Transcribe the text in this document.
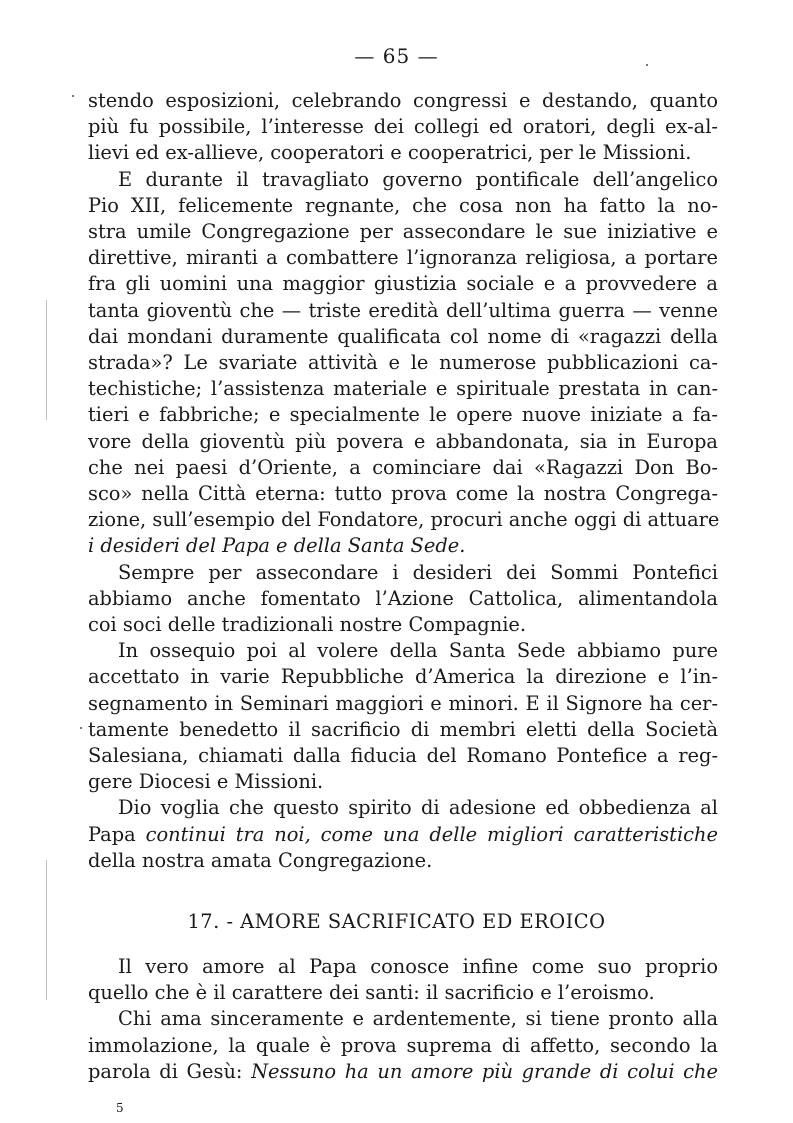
— 65 —
stendo esposizioni, celebrando congressi e destando, quanto
più fu possibile, l’interesse dei collegi ed oratori, degli ex-al-
lievi ed ex-allieve, cooperatori e cooperatrici, per le Missioni.
E durante il travagliato governo pontificale dell’angelico
Pio XII, felicemente regnante, che cosa non ha fatto la no-
stra umile Congregazione per assecondare le sue iniziative e
direttive, miranti a combattere l’ignoranza religiosa, a portare
fra gli uomini una maggior giustizia sociale e a provvedere a
tanta gioventù che — triste eredità dell’ultima guerra — venne
dai mondani duramente qualificata col nome di «ragazzi della
strada»? Le svariate attività e le numerose pubblicazioni ca-
techistiche; l’assistenza materiale e spirituale prestata in can-
tieri e fabbriche; e specialmente le opere nuove iniziate a fa-
vore della gioventù più povera e abbandonata, sia in Europa
che nei paesi d’Oriente, a cominciare dai «Ragazzi Don Bo-
sco» nella Città eterna: tutto prova come la nostra Congrega-
zione, sull’esempio del Fondatore, procuri anche oggi di attuare
i desideri del Papa e della Santa Sede.
Sempre per assecondare i desideri dei Sommi Pontefici
abbiamo anche fomentato l’Azione Cattolica, alimentandola
coi soci delle tradizionali nostre Compagnie.
In ossequio poi al volere della Santa Sede abbiamo pure
accettato in varie Repubbliche d’America la direzione e l’in-
segnamento in Seminari maggiori e minori. E il Signore ha cer-
tamente benedetto il sacrificio di membri eletti della Società
Salesiana, chiamati dalla fiducia del Romano Pontefice a reg-
gere Diocesi e Missioni.
Dio voglia che questo spirito di adesione ed obbedienza al
Papa continui tra noi, come una delle migliori caratteristiche
della nostra amata Congregazione.
17. - AMORE SACRIFICATO ED EROICO
Il vero amore al Papa conosce infine come suo proprio
quello che è il carattere dei santi: il sacrificio e l’eroismo.
Chi ama sinceramente e ardentemente, si tiene pronto alla
immolazione, la quale è prova suprema di affetto, secondo la
parola di Gesù: Nessuno ha un amore più grande di colui che
5
